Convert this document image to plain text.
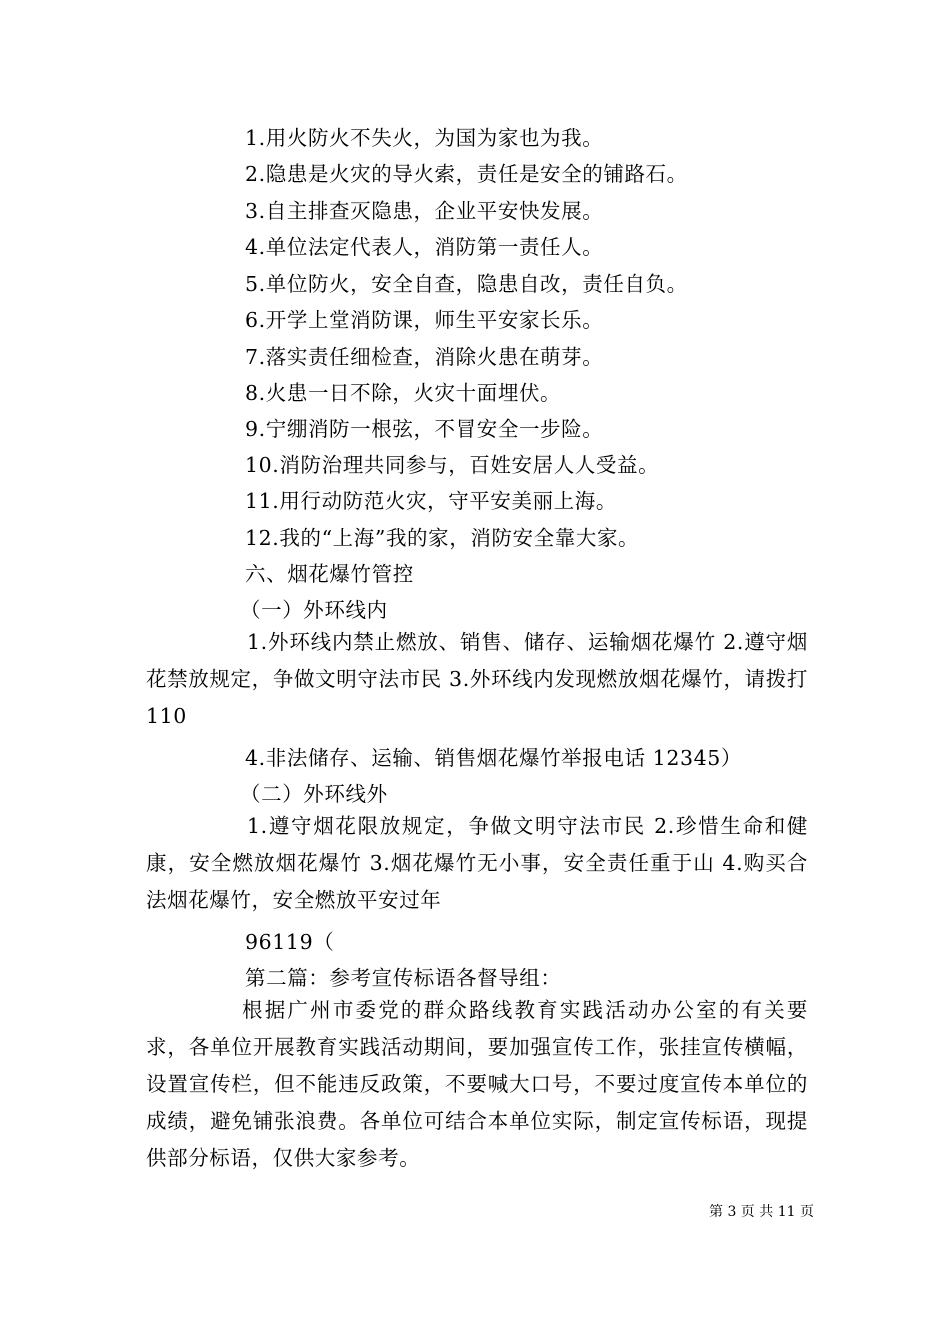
1.用火防火不失火，为国为家也为我。
2.隐患是火灾的导火索，责任是安全的铺路石。
3.自主排查灭隐患，企业平安快发展。
4.单位法定代表人，消防第一责任人。
5.单位防火，安全自查，隐患自改，责任自负。
6.开学上堂消防课，师生平安家长乐。
7.落实责任细检查，消除火患在萌芽。
8.火患一日不除，火灾十面埋伏。
9.宁绷消防一根弦，不冒安全一步险。
10.消防治理共同参与，百姓安居人人受益。
11.用行动防范火灾，守平安美丽上海。
12.我的“上海”我的家，消防安全靠大家。
六、烟花爆竹管控
（一）外环线内
1.外环线内禁止燃放、销售、储存、运输烟花爆竹 2.遵守烟花禁放规定，争做文明守法市民 3.外环线内发现燃放烟花爆竹，请拨打 110
4.非法储存、运输、销售烟花爆竹举报电话 12345）
（二）外环线外
1.遵守烟花限放规定，争做文明守法市民 2.珍惜生命和健康，安全燃放烟花爆竹 3.烟花爆竹无小事，安全责任重于山 4.购买合法烟花爆竹，安全燃放平安过年
96119（
第二篇：参考宣传标语各督导组：
根据广州市委党的群众路线教育实践活动办公室的有关要求，各单位开展教育实践活动期间，要加强宣传工作，张挂宣传横幅，设置宣传栏，但不能违反政策，不要喊大口号，不要过度宣传本单位的成绩，避免铺张浪费。各单位可结合本单位实际，制定宣传标语，现提供部分标语，仅供大家参考。
第 3 页 共 11 页
